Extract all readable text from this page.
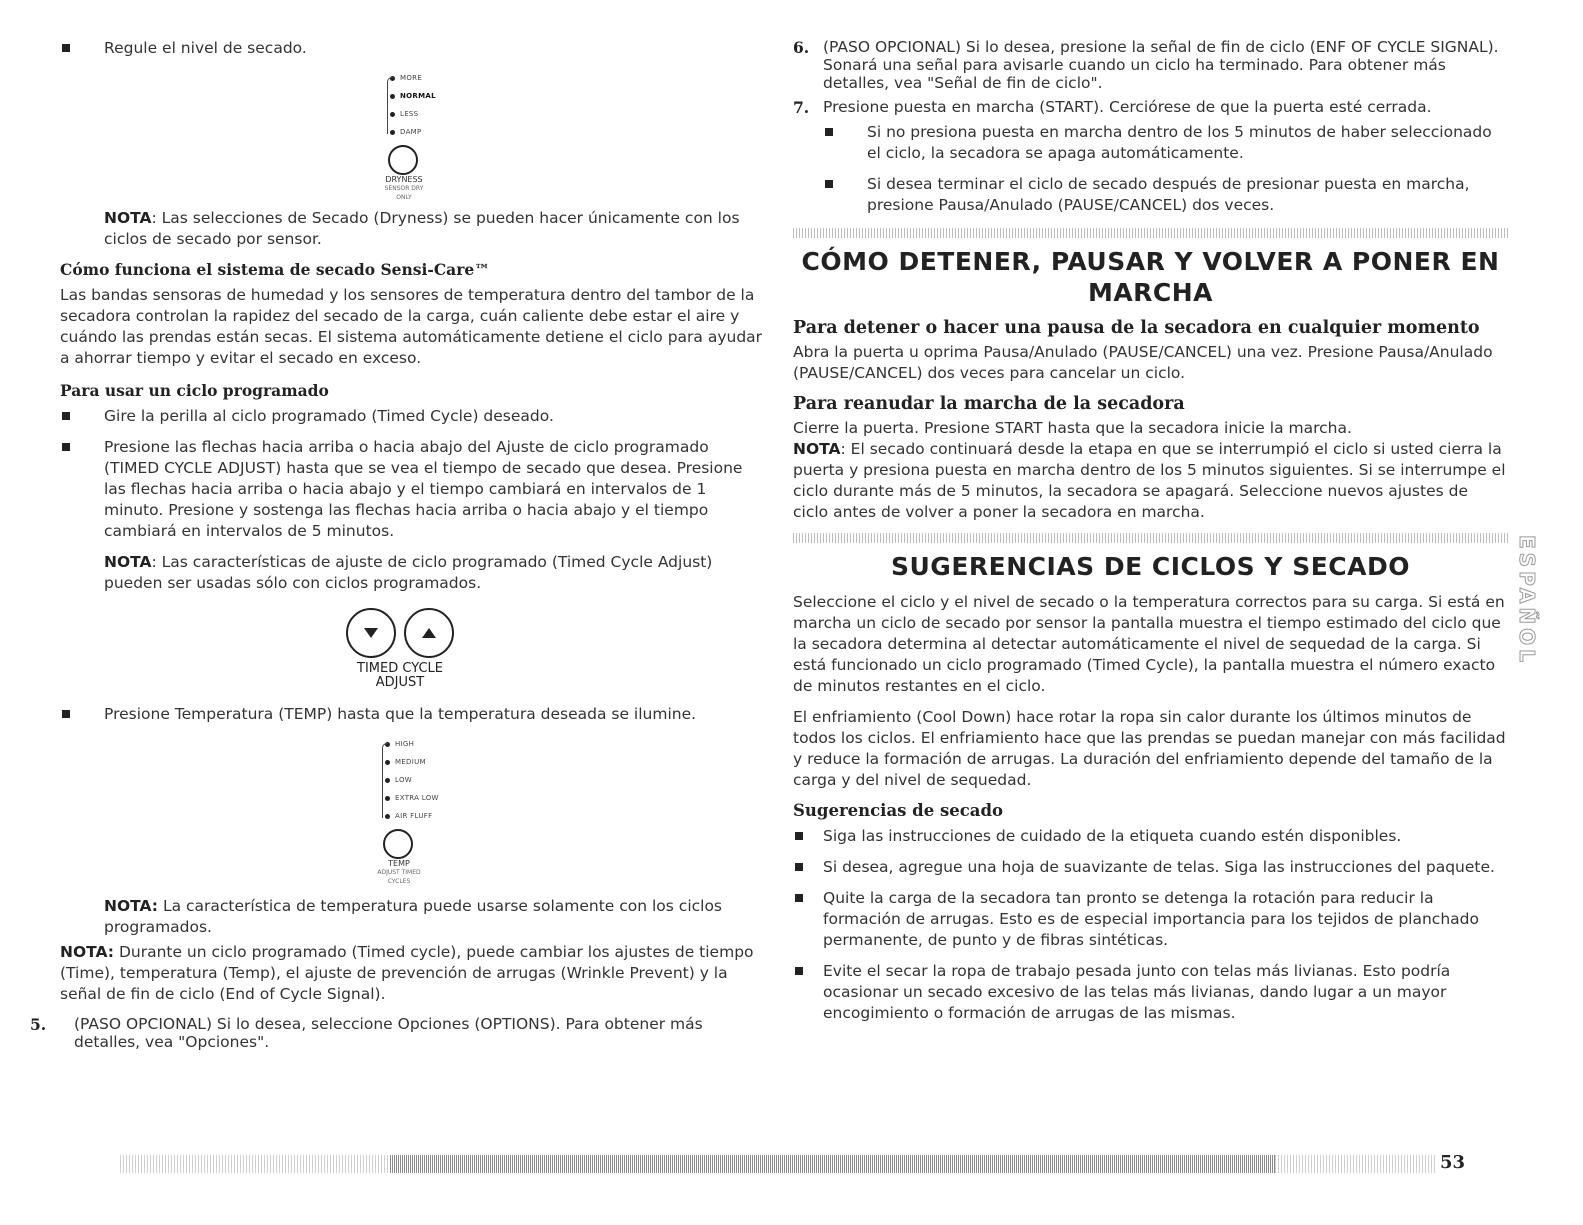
Regule el nivel de secado.

MORE
NORMAL
LESS
DAMP
DRYNESS
SENSOR DRY
ONLY

NOTA: Las selecciones de Secado (Dryness) se pueden hacer únicamente con los ciclos de secado por sensor.

Cómo funciona el sistema de secado Sensi-Care™

Las bandas sensoras de humedad y los sensores de temperatura dentro del tambor de la secadora controlan la rapidez del secado de la carga, cuán caliente debe estar el aire y cuándo las prendas están secas. El sistema automáticamente detiene el ciclo para ayudar a ahorrar tiempo y evitar el secado en exceso.

Para usar un ciclo programado

Gire la perilla al ciclo programado (Timed Cycle) deseado.

Presione las flechas hacia arriba o hacia abajo del Ajuste de ciclo programado (TIMED CYCLE ADJUST) hasta que se vea el tiempo de secado que desea. Presione las flechas hacia arriba o hacia abajo y el tiempo cambiará en intervalos de 1 minuto. Presione y sostenga las flechas hacia arriba o hacia abajo y el tiempo cambiará en intervalos de 5 minutos.

NOTA: Las características de ajuste de ciclo programado (Timed Cycle Adjust) pueden ser usadas sólo con ciclos programados.

TIMED CYCLE
ADJUST

Presione Temperatura (TEMP) hasta que la temperatura deseada se ilumine.

HIGH
MEDIUM
LOW
EXTRA LOW
AIR FLUFF
TEMP
ADJUST TIMED
CYCLES

NOTA: La característica de temperatura puede usarse solamente con los ciclos programados.

NOTA: Durante un ciclo programado (Timed cycle), puede cambiar los ajustes de tiempo (Time), temperatura (Temp), el ajuste de prevención de arrugas (Wrinkle Prevent) y la señal de fin de ciclo (End of Cycle Signal).

5. (PASO OPCIONAL) Si lo desea, seleccione Opciones (OPTIONS). Para obtener más detalles, vea "Opciones".
6. (PASO OPCIONAL) Si lo desea, presione la señal de fin de ciclo (ENF OF CYCLE SIGNAL). Sonará una señal para avisarle cuando un ciclo ha terminado. Para obtener más detalles, vea "Señal de fin de ciclo".
7. Presione puesta en marcha (START). Cerciórese de que la puerta esté cerrada.

Si no presiona puesta en marcha dentro de los 5 minutos de haber seleccionado el ciclo, la secadora se apaga automáticamente.

Si desea terminar el ciclo de secado después de presionar puesta en marcha, presione Pausa/Anulado (PAUSE/CANCEL) dos veces.

CÓMO DETENER, PAUSAR Y VOLVER A PONER EN MARCHA
Para detener o hacer una pausa de la secadora en cualquier momento

Abra la puerta u oprima Pausa/Anulado (PAUSE/CANCEL) una vez. Presione Pausa/Anulado (PAUSE/CANCEL) dos veces para cancelar un ciclo.

Para reanudar la marcha de la secadora

Cierre la puerta. Presione START hasta que la secadora inicie la marcha.

NOTA: El secado continuará desde la etapa en que se interrumpió el ciclo si usted cierra la puerta y presiona puesta en marcha dentro de los 5 minutos siguientes. Si se interrumpe el ciclo durante más de 5 minutos, la secadora se apagará. Seleccione nuevos ajustes de ciclo antes de volver a poner la secadora en marcha.

SUGERENCIAS DE CICLOS Y SECADO

Seleccione el ciclo y el nivel de secado o la temperatura correctos para su carga. Si está en marcha un ciclo de secado por sensor la pantalla muestra el tiempo estimado del ciclo que la secadora determina al detectar automáticamente el nivel de sequedad de la carga. Si está funcionado un ciclo programado (Timed Cycle), la pantalla muestra el número exacto de minutos restantes en el ciclo.

El enfriamiento (Cool Down) hace rotar la ropa sin calor durante los últimos minutos de todos los ciclos. El enfriamiento hace que las prendas se puedan manejar con más facilidad y reduce la formación de arrugas. La duración del enfriamiento depende del tamaño de la carga y del nivel de sequedad.

Sugerencias de secado

Siga las instrucciones de cuidado de la etiqueta cuando estén disponibles.

Si desea, agregue una hoja de suavizante de telas. Siga las instrucciones del paquete.

Quite la carga de la secadora tan pronto se detenga la rotación para reducir la formación de arrugas. Esto es de especial importancia para los tejidos de planchado permanente, de punto y de fibras sintéticas.

Evite el secar la ropa de trabajo pesada junto con telas más livianas. Esto podría ocasionar un secado excesivo de las telas más livianas, dando lugar a un mayor encogimiento o formación de arrugas de las mismas.

ESPAÑOL
53
